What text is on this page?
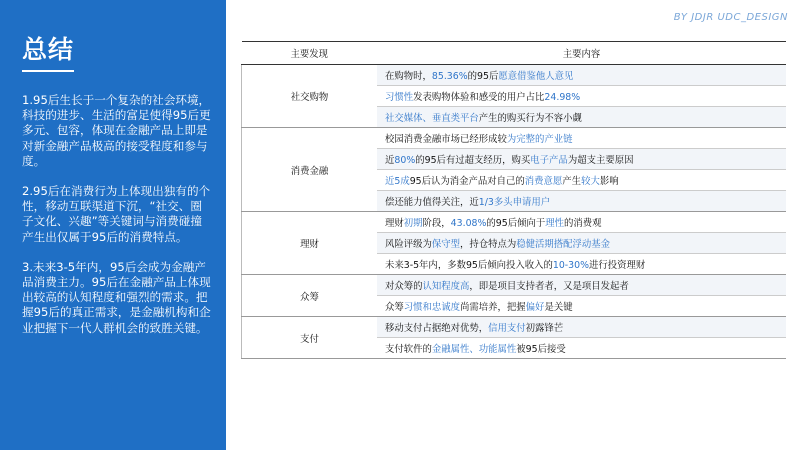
总结

1.95后生长于一个复杂的社会环境，科技的进步、生活的富足使得95后更多元、包容，体现在金融产品上即是对新金融产品极高的接受程度和参与度。

2.95后在消费行为上体现出独有的个性，移动互联渠道下沉，“社交、圈子文化、兴趣”等关键词与消费碰撞产生出仅属于95后的消费特点。

3.未来3-5年内，95后会成为金融产品消费主力。95后在金融产品上体现出较高的认知程度和强烈的需求。把握95后的真正需求，是金融机构和企业把握下一代人群机会的致胜关键。

BY JDJR UDC_DESIGN
主要发现	主要内容
社交购物	在购物时，85.36%的95后愿意借鉴他人意见
	习惯性发表购物体验和感受的用户占比24.98%
	社交媒体、垂直类平台产生的购买行为不容小觑
消费金融	校园消费金融市场已经形成较为完整的产业链
	近80%的95后有过超支经历，购买电子产品为超支主要原因
	近5成95后认为消金产品对自己的消费意愿产生较大影响
	偿还能力值得关注，近1/3多头申请用户
理财	理财初期阶段，43.08%的95后倾向于理性的消费观
	风险评级为保守型，持仓特点为稳健活期搭配浮动基金
	未来3-5年内，多数95后倾向投入收入的10-30%进行投资理财
众筹	对众筹的认知程度高，即是项目支持者者，又是项目发起者
	众筹习惯和忠诚度尚需培养，把握偏好是关键
支付	移动支付占据绝对优势，信用支付初露锋芒
	支付软件的金融属性、功能属性被95后接受
